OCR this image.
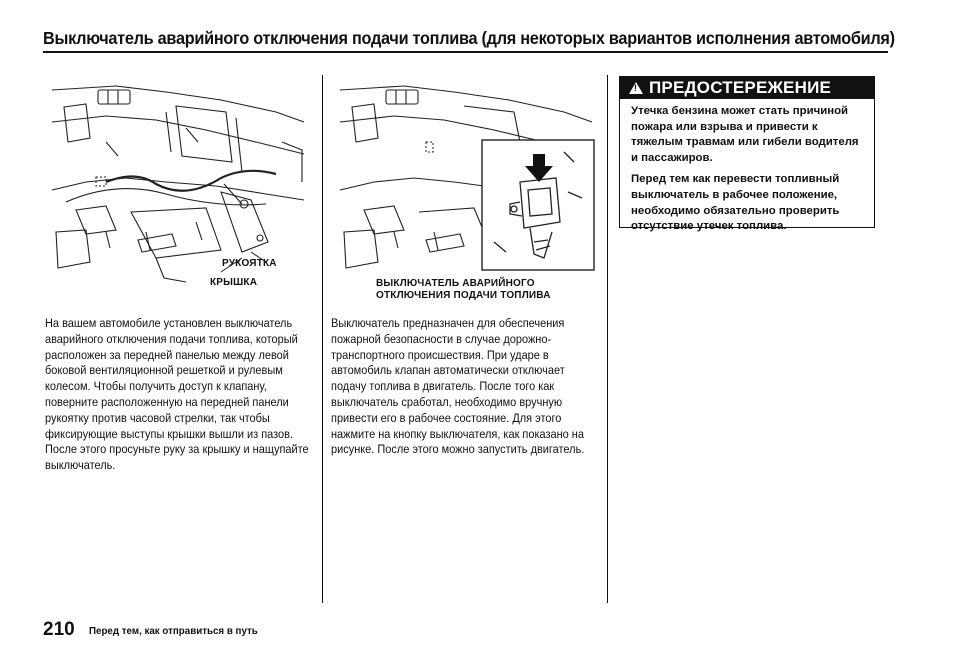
Выключатель аварийного отключения подачи топлива (для некоторых вариантов исполнения автомобиля)
РУКОЯТКА
КРЫШКА	ВЫКЛЮЧАТЕЛЬ АВАРИЙНОГО
ОТКЛЮЧЕНИЯ ПОДАЧИ ТОПЛИВА
На вашем автомобиле установлен выключатель аварийного отключения подачи топлива, который расположен за передней панелью между левой боковой вентиляционной решеткой и рулевым колесом. Чтобы получить доступ к клапану, поверните расположенную на передней панели рукоятку против часовой стрелки, так чтобы фиксирующие выступы крышки вышли из пазов. После этого просуньте руку за крышку и нащупайте выключатель.
Выключатель предназначен для обеспечения пожарной безопасности в случае дорожно-транспортного происшествия. При ударе в автомобиль клапан автоматически отключает подачу топлива в двигатель. После того как выключатель сработал, необходимо вручную привести его в рабочее состояние. Для этого нажмите на кнопку выключателя, как показано на рисунке. После этого можно запустить двигатель.
!
ПРЕДОСТЕРЕЖЕНИЕ
Утечка бензина может стать причиной пожара или взрыва и привести к тяжелым травмам или гибели водителя и пассажиров.
Перед тем как перевести топливный выключатель в рабочее положение, необходимо обязательно проверить отсутствие утечек топлива.
210 Перед тем, как отправиться в путь
